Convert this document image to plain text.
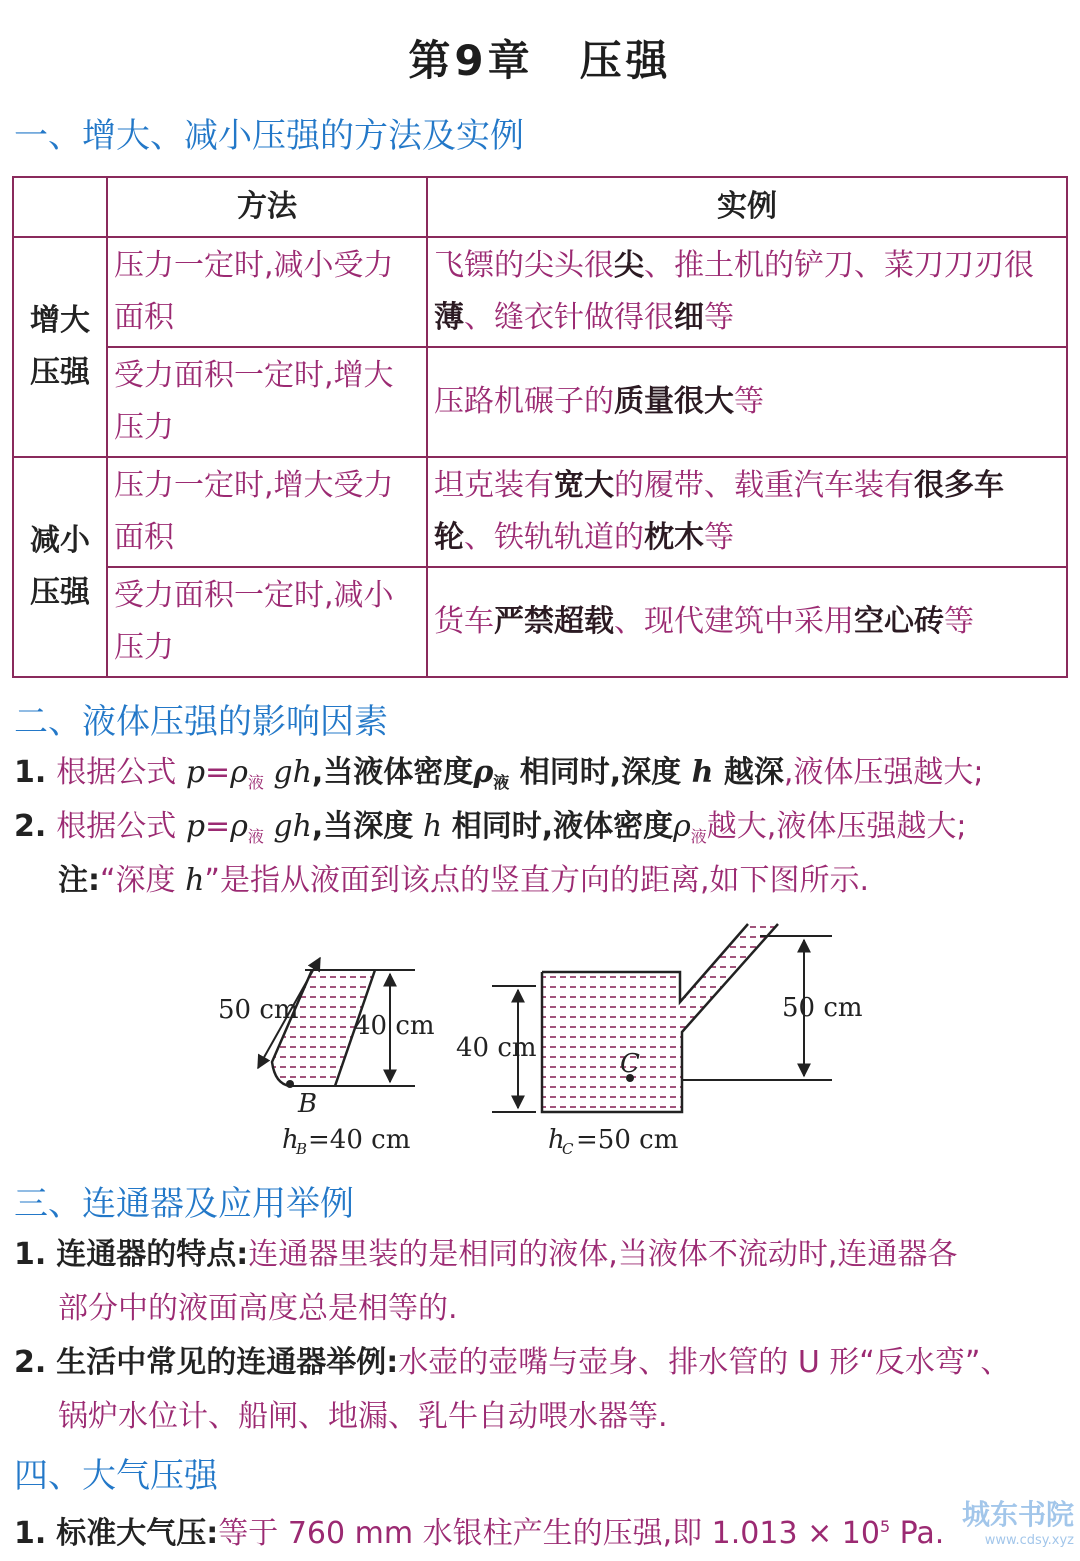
第9章　压强
一、增大、减小压强的方法及实例
	方法	实例
增大
压强	压力一定时,减小受力面积	飞镖的尖头很尖、推土机的铲刀、菜刀刀刃很薄、缝衣针做得很细等
	受力面积一定时,增大压力	压路机碾子的质量很大等
减小
压强	压力一定时,增大受力面积	坦克装有宽大的履带、载重汽车装有很多车轮、铁轨轨道的枕木等
	受力面积一定时,减小压力	货车严禁超载、现代建筑中采用空心砖等
二、液体压强的影响因素
1. 根据公式 $p=\rho_液$ gh,当液体密度$\rho_液$ 相同时,深度 h 越深,液体压强越大;
2. 根据公式 $p=\rho_液$ gh,当深度 h 相同时,液体密度$\rho_液$越大,液体压强越大;
注:“深度 h”是指从液面到该点的竖直方向的距离,如下图所示.
50 cm
40 cm
B
h
B =40 cm
50 cm
40 cm
C
h
C =50 cm
三、连通器及应用举例
1. 连通器的特点:连通器里装的是相同的液体,当液体不流动时,连通器各
部分中的液面高度总是相等的.
2. 生活中常见的连通器举例:水壶的壶嘴与壶身、排水管的 U 形“反水弯”、
锅炉水位计、船闸、地漏、乳牛自动喂水器等.
四、大气压强
1. 标准大气压:等于 760 mm 水银柱产生的压强,即 $1.013 \times 10^5$ Pa.
城东书院
www.cdsy.xyz
